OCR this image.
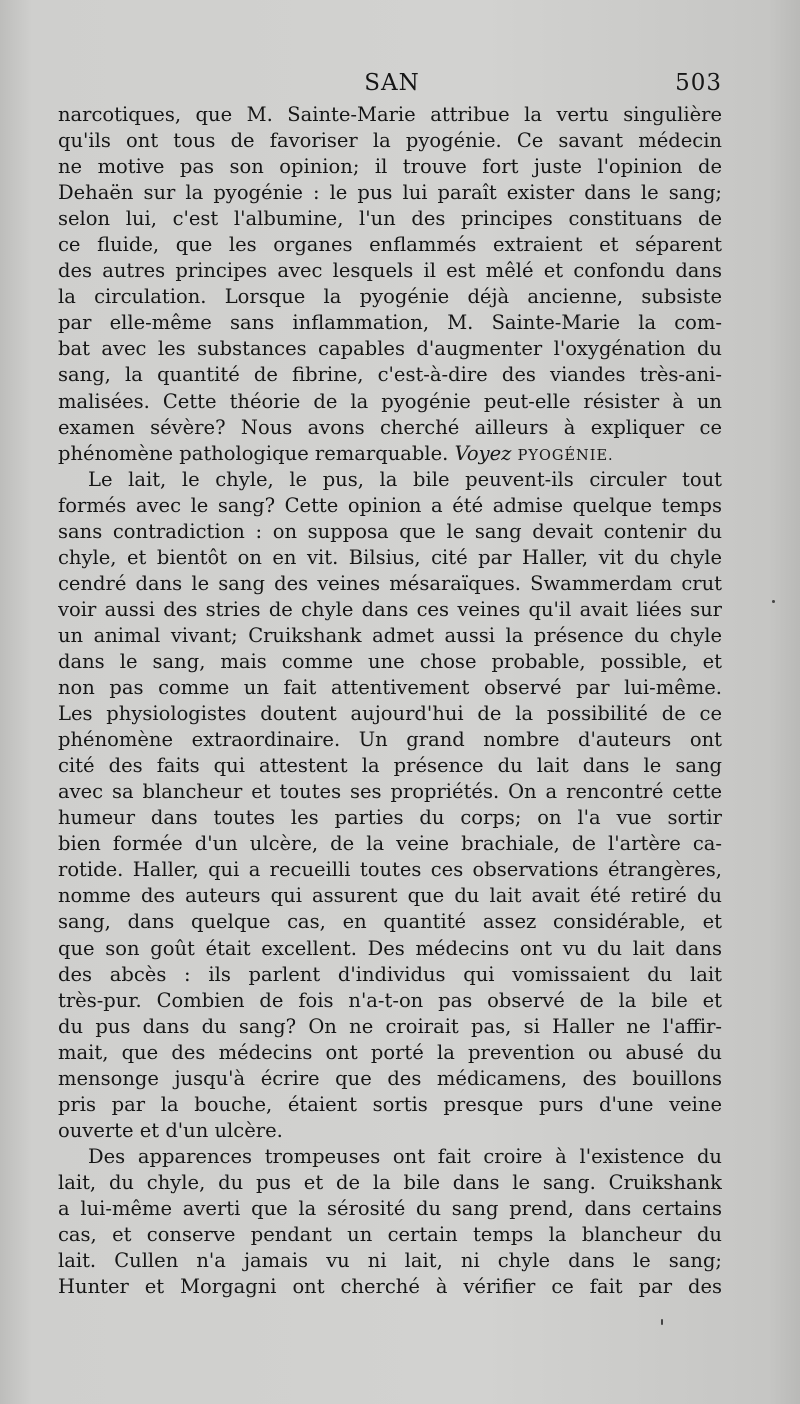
SAN	503
narcotiques, que M. Sainte-Marie attribue la vertu singulière
qu'ils ont tous de favoriser la pyogénie. Ce savant médecin
ne motive pas son opinion; il trouve fort juste l'opinion de
Dehaën sur la pyogénie : le pus lui paraît exister dans le sang;
selon lui, c'est l'albumine, l'un des principes constituans de
ce fluide, que les organes enflammés extraient et séparent
des autres principes avec lesquels il est mêlé et confondu dans
la circulation. Lorsque la pyogénie déjà ancienne, subsiste
par elle-même sans inflammation, M. Sainte-Marie la com-
bat avec les substances capables d'augmenter l'oxygénation du
sang, la quantité de fibrine, c'est-à-dire des viandes très-ani-
malisées. Cette théorie de la pyogénie peut-elle résister à un
examen sévère? Nous avons cherché ailleurs à expliquer ce
phénomène pathologique remarquable. Voyez PYOGÉNIE.
Le lait, le chyle, le pus, la bile peuvent-ils circuler tout
formés avec le sang? Cette opinion a été admise quelque temps
sans contradiction : on supposa que le sang devait contenir du
chyle, et bientôt on en vit. Bilsius, cité par Haller, vit du chyle
cendré dans le sang des veines mésaraïques. Swammerdam crut
voir aussi des stries de chyle dans ces veines qu'il avait liées sur
un animal vivant; Cruikshank admet aussi la présence du chyle
dans le sang, mais comme une chose probable, possible, et
non pas comme un fait attentivement observé par lui-même.
Les physiologistes doutent aujourd'hui de la possibilité de ce
phénomène extraordinaire. Un grand nombre d'auteurs ont
cité des faits qui attestent la présence du lait dans le sang
avec sa blancheur et toutes ses propriétés. On a rencontré cette
humeur dans toutes les parties du corps; on l'a vue sortir
bien formée d'un ulcère, de la veine brachiale, de l'artère ca-
rotide. Haller, qui a recueilli toutes ces observations étrangères,
nomme des auteurs qui assurent que du lait avait été retiré du
sang, dans quelque cas, en quantité assez considérable, et
que son goût était excellent. Des médecins ont vu du lait dans
des abcès : ils parlent d'individus qui vomissaient du lait
très-pur. Combien de fois n'a-t-on pas observé de la bile et
du pus dans du sang? On ne croirait pas, si Haller ne l'affir-
mait, que des médecins ont porté la prevention ou abusé du
mensonge jusqu'à écrire que des médicamens, des bouillons
pris par la bouche, étaient sortis presque purs d'une veine
ouverte et d'un ulcère.
Des apparences trompeuses ont fait croire à l'existence du
lait, du chyle, du pus et de la bile dans le sang. Cruikshank
a lui-même averti que la sérosité du sang prend, dans certains
cas, et conserve pendant un certain temps la blancheur du
lait. Cullen n'a jamais vu ni lait, ni chyle dans le sang;
Hunter et Morgagni ont cherché à vérifier ce fait par des
